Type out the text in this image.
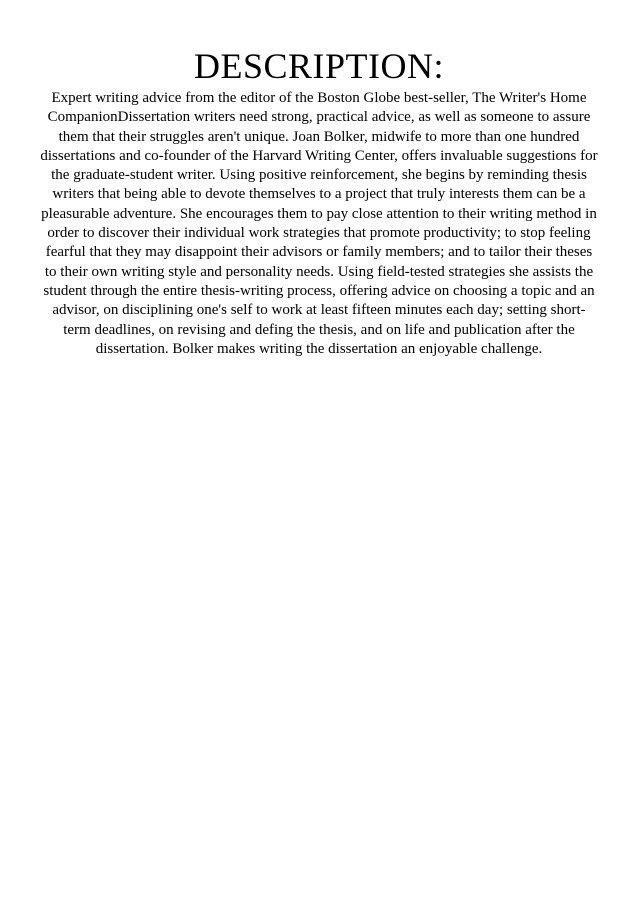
DESCRIPTION:

Expert writing advice from the editor of the Boston Globe best-seller, The Writer's Home
CompanionDissertation writers need strong, practical advice, as well as someone to assure
them that their struggles aren't unique. Joan Bolker, midwife to more than one hundred
dissertations and co-founder of the Harvard Writing Center, offers invaluable suggestions for
the graduate-student writer. Using positive reinforcement, she begins by reminding thesis
writers that being able to devote themselves to a project that truly interests them can be a
pleasurable adventure. She encourages them to pay close attention to their writing method in
order to discover their individual work strategies that promote productivity; to stop feeling
fearful that they may disappoint their advisors or family members; and to tailor their theses
to their own writing style and personality needs. Using field-tested strategies she assists the
student through the entire thesis-writing process, offering advice on choosing a topic and an
advisor, on disciplining one's self to work at least fifteen minutes each day; setting short-
term deadlines, on revising and defing the thesis, and on life and publication after the
dissertation. Bolker makes writing the dissertation an enjoyable challenge.
